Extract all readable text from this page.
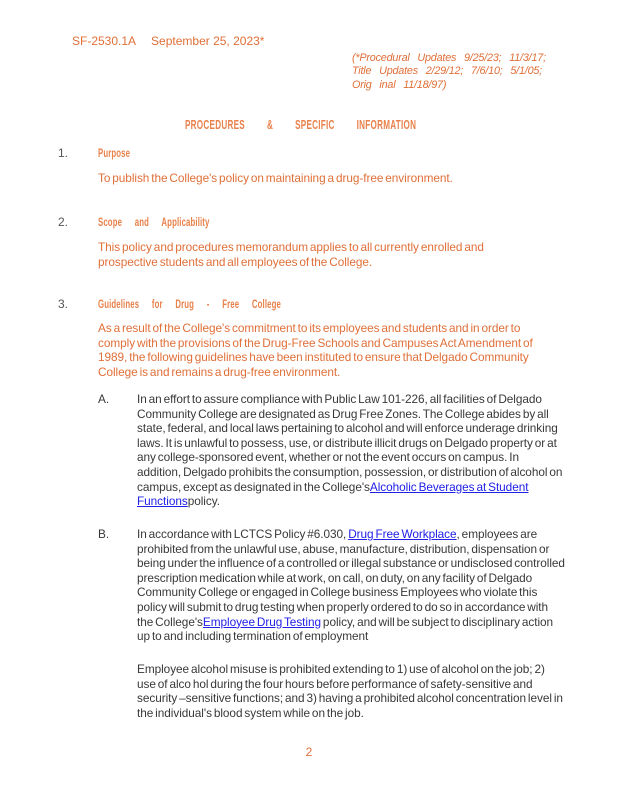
SF-2530.1A September 25, 2023*
(*Procedural Updates 9/25/23; 11/3/17;
Title Updates 2/29/12; 7/6/10; 5/1/05;
Orig inal 11/18/97)
PROCEDURES & SPECIFIC INFORMATION
1.	Purpose

To publish the College's policy on maintaining a drug-free environment.

2.	Scope and Applicability

This policy and procedures memorandum applies to all currently enrolled and prospective students and all employees of the College.

3.	Guidelines for Drug - Free College

As a result of the College's commitment to its employees and students and in order to comply with the provisions of the Drug-Free Schools and Campuses Act Amendment of 1989, the following guidelines have been instituted to ensure that Delgado Community College is and remains a drug-free environment.

A.	In an effort to assure compliance with Public Law 101-226, all facilities of Delgado Community College are designated as Drug Free Zones. The College abides by all state, federal, and local laws pertaining to alcohol and will enforce underage drinking laws. It is unlawful to possess, use, or distribute illicit drugs on Delgado property or at any college-sponsored event, whether or not the event occurs on campus. In addition, Delgado prohibits the consumption, possession, or distribution of alcohol on campus, except as designated in the College'sAlcoholic Beverages at Student Functionspolicy.
B.	In accordance with LCTCS Policy #6.030, Drug Free Workplace, employees are prohibited from the unlawful use, abuse, manufacture, distribution, dispensation or being under the influence of a controlled or illegal substance or undisclosed controlled prescription medication while at work, on call, on duty, on any facility of Delgado Community College or engaged in College business Employees who violate this policy will submit to drug testing when properly ordered to do so in accordance with the College'sEmployee Drug Testing policy, and will be subject to disciplinary action up to and including termination of employment

Employee alcohol misuse is prohibited extending to 1) use of alcohol on the job; 2) use of alco hol during the four hours before performance of safety-sensitive and security –sensitive functions; and 3) having a prohibited alcohol concentration level in the individual's blood system while on the job.

2
